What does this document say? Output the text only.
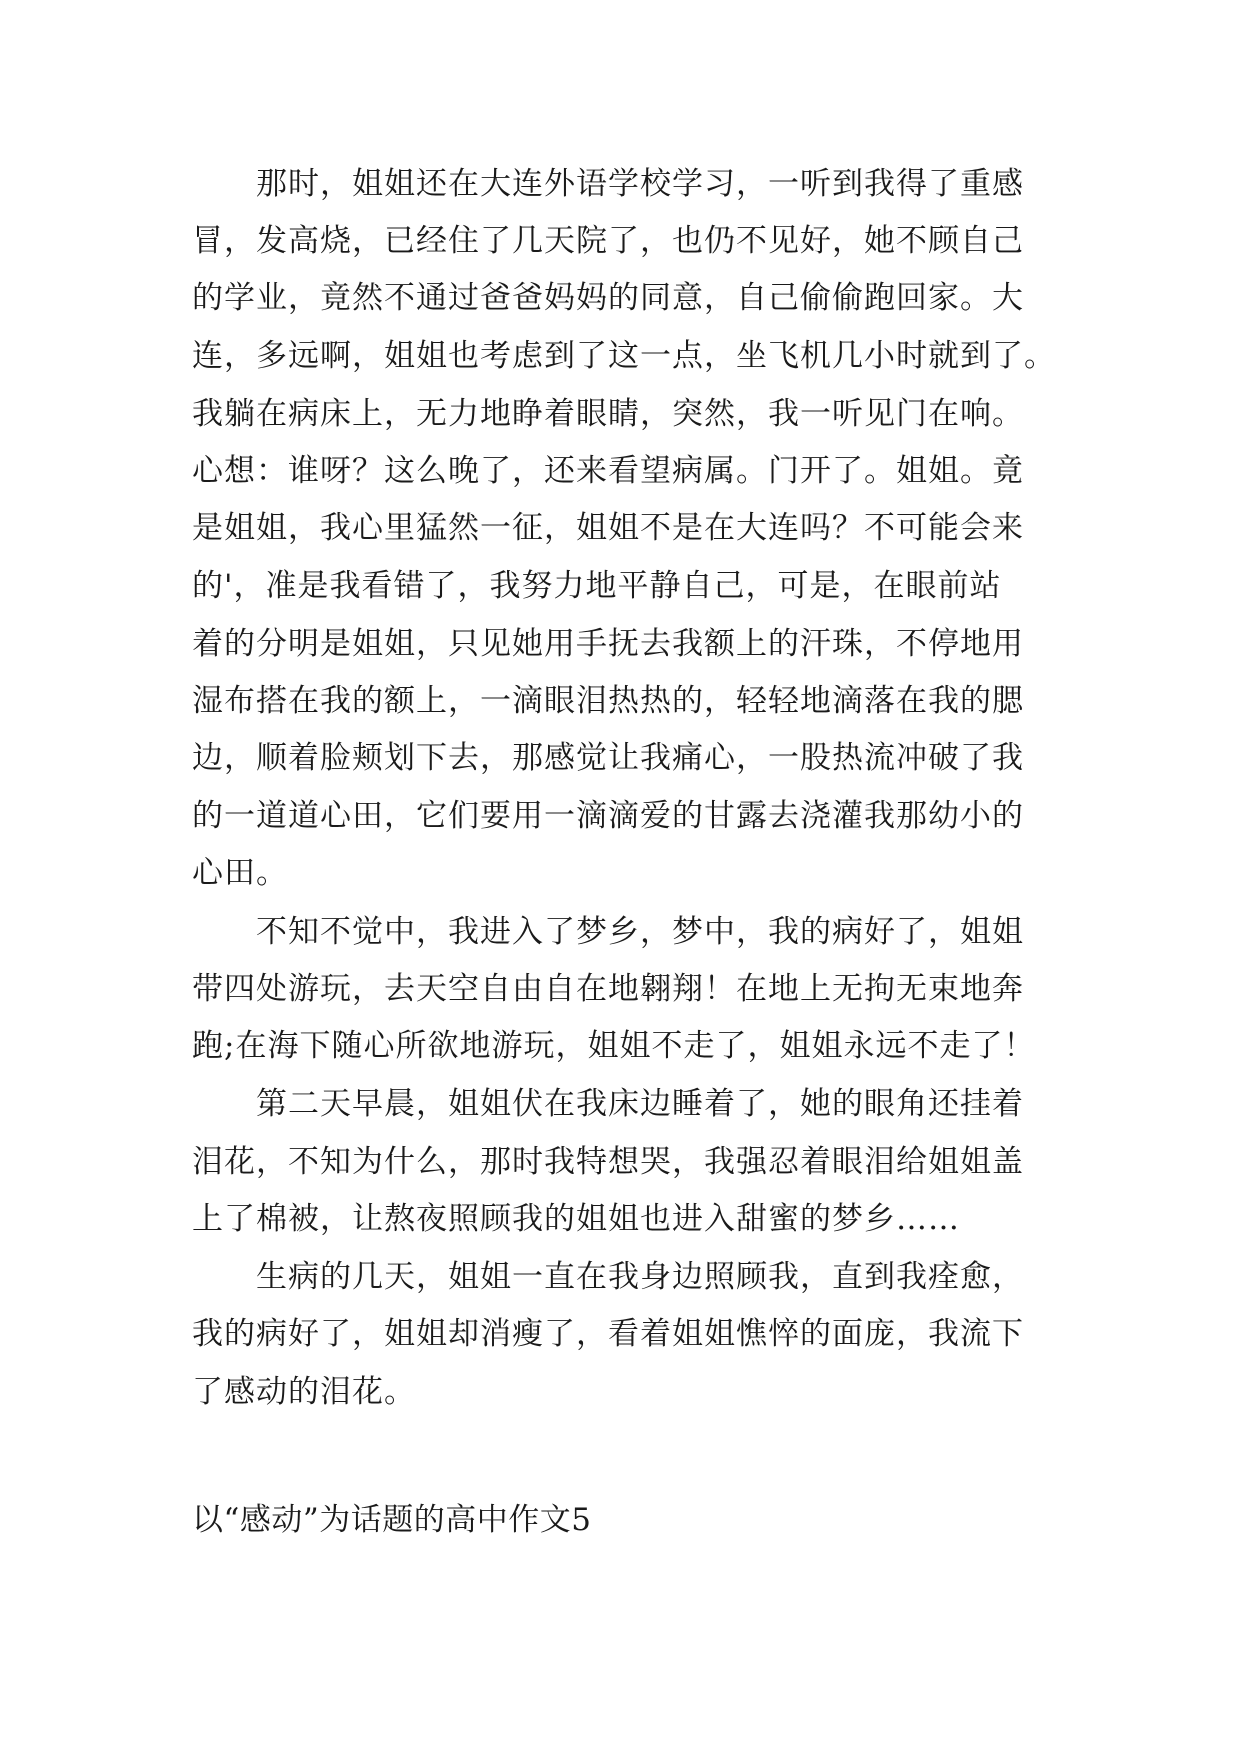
那时，姐姐还在大连外语学校学习，一听到我得了重感
冒，发高烧，已经住了几天院了，也仍不见好，她不顾自己
的学业，竟然不通过爸爸妈妈的同意，自己偷偷跑回家。大
连，多远啊，姐姐也考虑到了这一点，坐飞机几小时就到了。
我躺在病床上，无力地睁着眼睛，突然，我一听见门在响。
心想：谁呀？这么晚了，还来看望病属。门开了。姐姐。竟
是姐姐，我心里猛然一征，姐姐不是在大连吗？不可能会来
的'，准是我看错了，我努力地平静自己，可是，在眼前站
着的分明是姐姐，只见她用手抚去我额上的汗珠，不停地用
湿布搭在我的额上，一滴眼泪热热的，轻轻地滴落在我的腮
边，顺着脸颊划下去，那感觉让我痛心，一股热流冲破了我
的一道道心田，它们要用一滴滴爱的甘露去浇灌我那幼小的
心田。
不知不觉中，我进入了梦乡，梦中，我的病好了，姐姐
带四处游玩，去天空自由自在地翱翔！在地上无拘无束地奔
跑;在海下随心所欲地游玩，姐姐不走了，姐姐永远不走了！
第二天早晨，姐姐伏在我床边睡着了，她的眼角还挂着
泪花，不知为什么，那时我特想哭，我强忍着眼泪给姐姐盖
上了棉被，让熬夜照顾我的姐姐也进入甜蜜的梦乡……
生病的几天，姐姐一直在我身边照顾我，直到我痊愈，
我的病好了，姐姐却消瘦了，看着姐姐憔悴的面庞，我流下
了感动的泪花。
以“感动”为话题的高中作文5
